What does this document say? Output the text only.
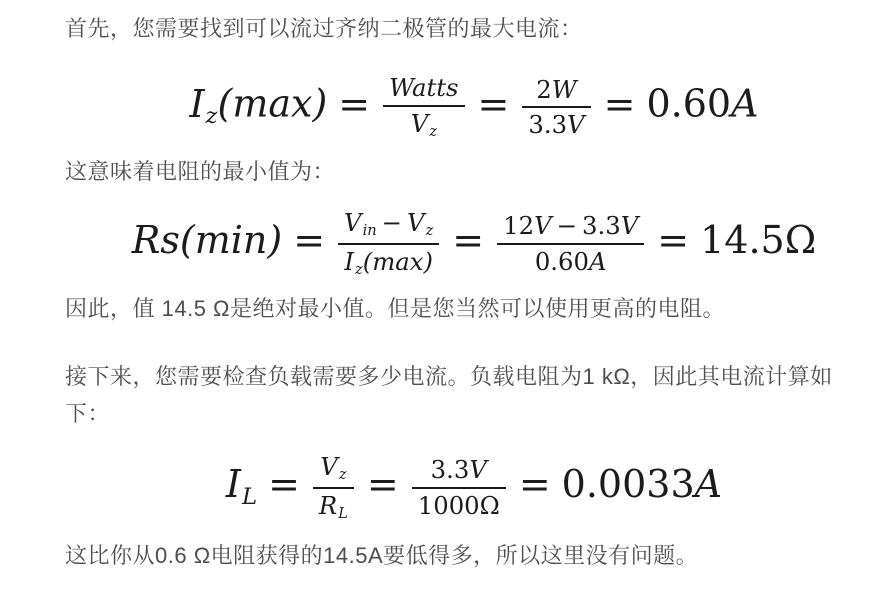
首先，您需要找到可以流过齐纳二极管的最大电流：

Iz(max) = Watts
Vz
= $\frac{2W}{3.3V} = 0.60A$

这意味着电阻的最小值为：

Rs(min) = Vin − Vz
$Iz(\max) = \frac{12V - 3.3V}{0.60A} = 14.5\Omega$

因此，值 14.5 Ω是绝对最小值。但是您当然可以使用更高的电阻。

接下来，您需要检查负载需要多少电流。负载电阻为1 kΩ，因此其电流计算如
下：

IL = $\frac{Vz}{RL} = \frac{3.3V}{1000\Omega} = 0.0033A$

这比你从0.6 Ω电阻获得的14.5A要低得多，所以这里没有问题。
